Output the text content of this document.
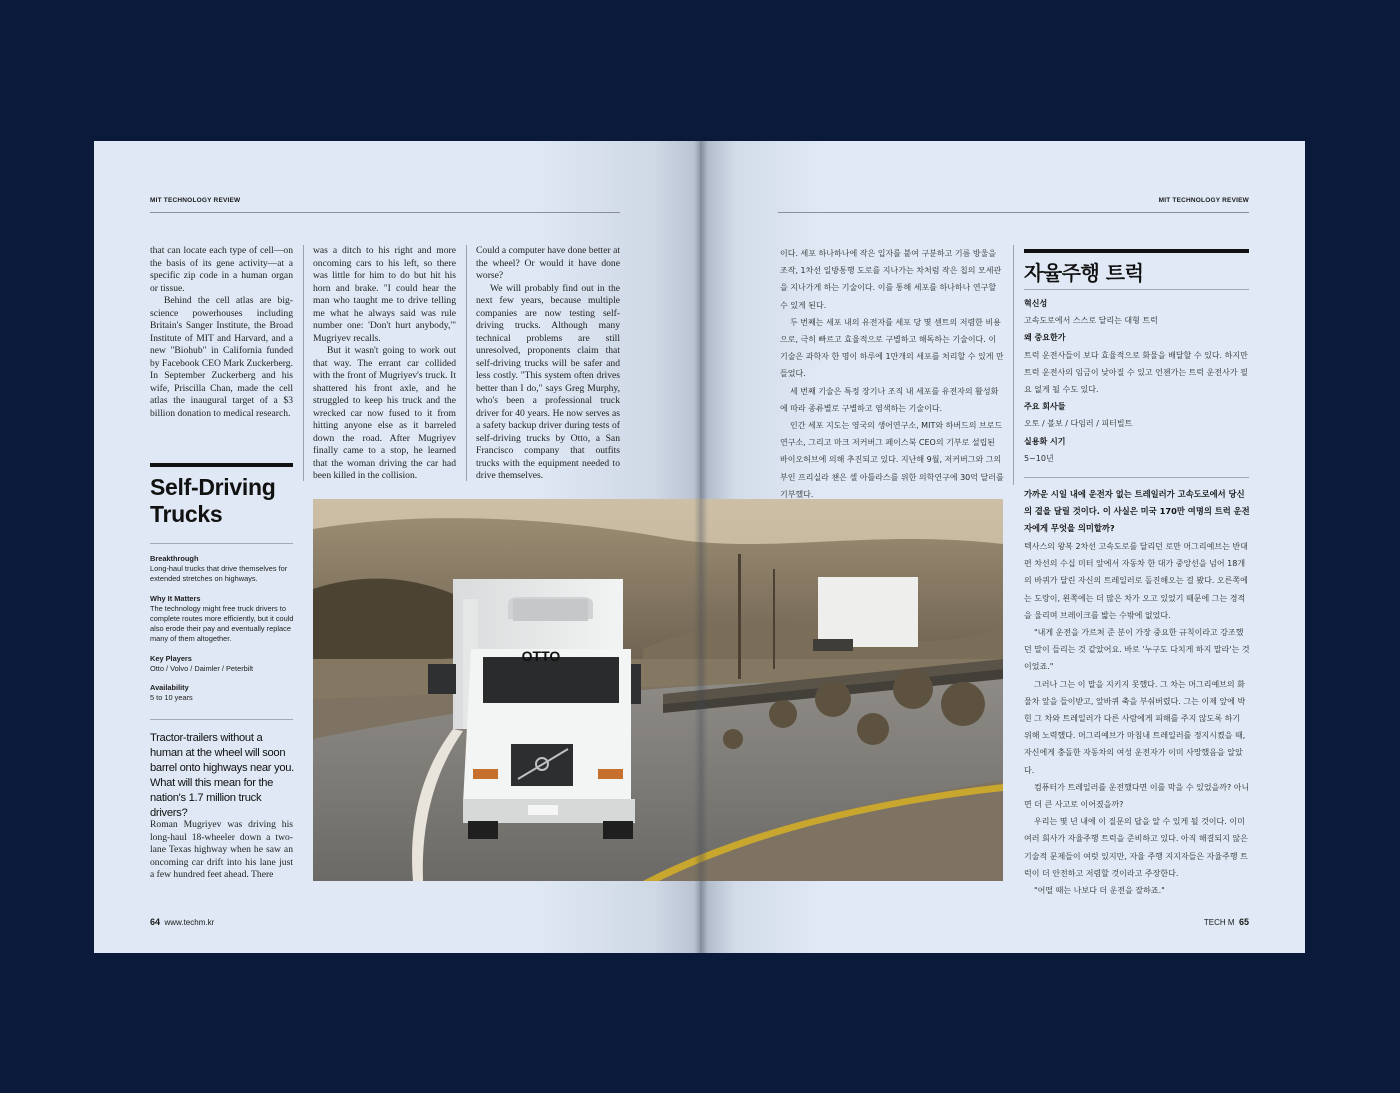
MIT TECHNOLOGY REVIEW

that can locate each type of cell—on the basis of its gene activity—at a specific zip code in a human organ or tissue.

Behind the cell atlas are big-science powerhouses including Britain's Sanger Institute, the Broad Institute of MIT and Harvard, and a new "Biohub" in California funded by Facebook CEO Mark Zuckerberg. In September Zuckerberg and his wife, Priscilla Chan, made the cell atlas the inaugural target of a $3 billion donation to medical research.

was a ditch to his right and more oncoming cars to his left, so there was little for him to do but hit his horn and brake. "I could hear the man who taught me to drive telling me what he always said was rule number one: 'Don't hurt anybody,'" Mugriyev recalls.

But it wasn't going to work out that way. The errant car collided with the front of Mugriyev's truck. It shattered his front axle, and he struggled to keep his truck and the wrecked car now fused to it from hitting anyone else as it barreled down the road. After Mugriyev finally came to a stop, he learned that the woman driving the car had been killed in the collision.

Could a computer have done better at the wheel? Or would it have done worse?

We will probably find out in the next few years, because multiple companies are now testing self-driving trucks. Although many technical problems are still unresolved, proponents claim that self-driving trucks will be safer and less costly. "This system often drives better than I do," says Greg Murphy, who's been a professional truck driver for 40 years. He now serves as a safety backup driver during tests of self-driving trucks by Otto, a San Francisco company that outfits trucks with the equipment needed to drive themselves.

Self-Driving
Trucks
Breakthrough
Long-haul trucks that drive themselves for extended stretches on highways.
Why It Matters
The technology might free truck drivers to complete routes more efficiently, but it could also erode their pay and eventually replace many of them altogether.
Key Players
Otto / Volvo / Daimler / Peterbilt
Availability
5 to 10 years
Tractor-trailers without a human at the wheel will soon barrel onto highways near you. What will this mean for the nation's 1.7 million truck drivers?

Roman Mugriyev was driving his long-haul 18-wheeler down a two-lane Texas highway when he saw an oncoming car drift into his lane just a few hundred feet ahead. There

64 www.techm.kr
MIT TECHNOLOGY REVIEW

이다. 세포 하나하나에 작은 입자를 붙여 구분하고 기름 방울을 조작, 1차선 일방통행 도로를 지나가는 차처럼 작은 칩의 모세관을 지나가게 하는 기술이다. 이를 통해 세포를 하나하나 연구할 수 있게 된다.

두 번째는 세포 내의 유전자를 세포 당 몇 센트의 저렴한 비용으로, 극히 빠르고 효율적으로 구별하고 해독하는 기술이다. 이 기술은 과학자 한 명이 하루에 1만개의 세포를 처리할 수 있게 만들었다.

세 번째 기술은 특정 장기나 조직 내 세포를 유전자의 활성화에 따라 종류별로 구별하고 염색하는 기술이다.

인간 세포 지도는 영국의 생어연구소, MIT와 하버드의 브로드 연구소, 그리고 마크 저커버그 페이스북 CEO의 기부로 설립된 바이오허브에 의해 추진되고 있다. 지난해 9월, 저커버그와 그의 부인 프리실라 챈은 셀 아틀라스를 위한 의학연구에 30억 달러를 기부했다.

자율주행 트럭
혁신성
고속도로에서 스스로 달리는 대형 트럭
왜 중요한가
트럭 운전사들이 보다 효율적으로 화물을 배달할 수 있다. 하지만 트럭 운전사의 임금이 낮아질 수 있고 언젠가는 트럭 운전사가 필요 없게 될 수도 있다.
주요 회사들
오토 / 볼보 / 다임러 / 피터빌트
실용화 시기
5~10년
가까운 시일 내에 운전자 없는 트레일러가 고속도로에서 당신의 곁을 달릴 것이다. 이 사실은 미국 170만 여명의 트럭 운전자에게 무엇을 의미할까?

텍사스의 왕복 2차선 고속도로를 달리던 로만 머그리예브는 반대편 차선의 수십 미터 앞에서 자동차 한 대가 중앙선을 넘어 18개의 바퀴가 달린 자신의 트레일러로 돌진해오는 걸 봤다. 오른쪽에는 도랑이, 왼쪽에는 더 많은 차가 오고 있었기 때문에 그는 경적을 울리며 브레이크를 밟는 수밖에 없었다.

"내게 운전을 가르쳐 준 분이 가장 중요한 규칙이라고 강조했던 말이 들리는 것 같았어요. 바로 '누구도 다치게 하지 말라'는 것이었죠."

그러나 그는 이 말을 지키지 못했다. 그 차는 머그리예브의 화물차 앞을 들이받고, 앞바퀴 축을 부숴버렸다. 그는 이제 앞에 박힌 그 차와 트레일러가 다른 사람에게 피해를 주지 않도록 하기 위해 노력했다. 머그리예브가 마침내 트레일러를 정지시켰을 때, 자신에게 충돌한 자동차의 여성 운전자가 이미 사망했음을 알았다.

컴퓨터가 트레일러를 운전했다면 이를 막을 수 있었을까? 아니면 더 큰 사고로 이어졌을까?

우리는 몇 년 내에 이 질문의 답을 알 수 있게 될 것이다. 이미 여러 회사가 자율주행 트럭을 준비하고 있다. 아직 해결되지 않은 기술적 문제들이 여럿 있지만, 자율 주행 지지자들은 자율주행 트럭이 더 안전하고 저렴할 것이라고 주장한다.

"어떨 때는 나보다 더 운전을 잘하죠."

TECH M 65
OTTO
